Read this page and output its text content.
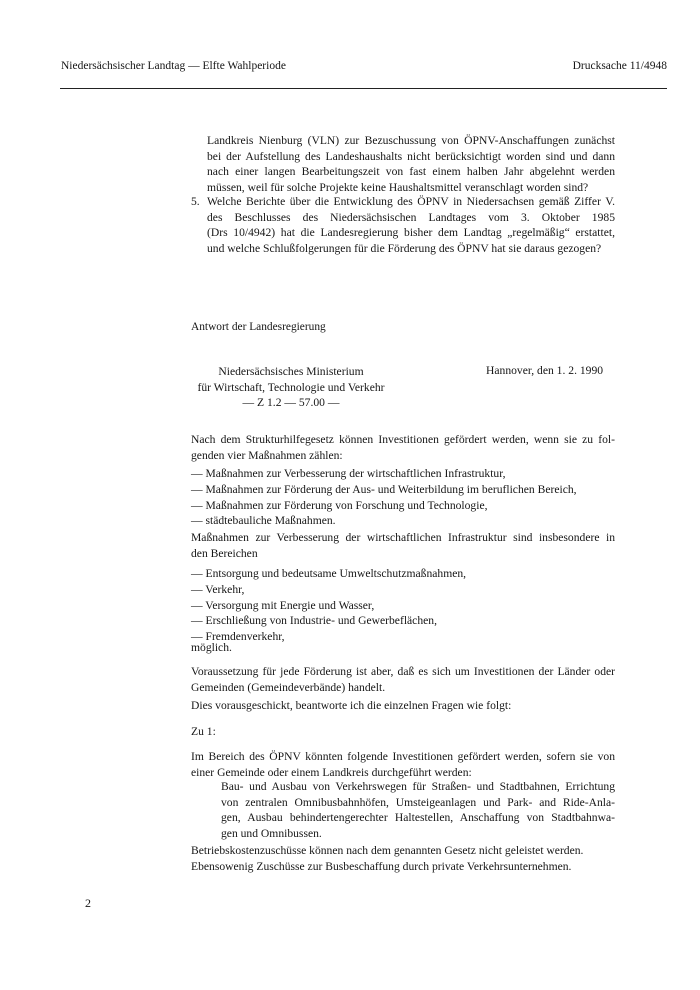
Niedersächsischer Landtag — Elfte Wahlperiode	Drucksache 11/4948
Landkreis Nienburg (VLN) zur Bezuschussung von ÖPNV-Anschaffungen zunächst
bei der Aufstellung des Landeshaushalts nicht berücksichtigt worden sind und dann
nach einer langen Bearbeitungszeit von fast einem halben Jahr abgelehnt werden
müssen, weil für solche Projekte keine Haushaltsmittel veranschlagt worden sind?
5. Welche Berichte über die Entwicklung des ÖPNV in Niedersachsen gemäß Ziffer V.
des Beschlusses des Niedersächsischen Landtages vom 3. Oktober 1985
(Drs 10/4942) hat die Landesregierung bisher dem Landtag „regelmäßig“ erstattet,
und welche Schlußfolgerungen für die Förderung des ÖPNV hat sie daraus gezogen?
Antwort der Landesregierung
Niedersächsisches Ministerium
für Wirtschaft, Technologie und Verkehr
— Z 1.2 — 57.00 —
Hannover, den 1. 2. 1990
Nach dem Strukturhilfegesetz können Investitionen gefördert werden, wenn sie zu fol-
genden vier Maßnahmen zählen:
— Maßnahmen zur Verbesserung der wirtschaftlichen Infrastruktur,
— Maßnahmen zur Förderung der Aus- und Weiterbildung im beruflichen Bereich,
— Maßnahmen zur Förderung von Forschung und Technologie,
— städtebauliche Maßnahmen.
Maßnahmen zur Verbesserung der wirtschaftlichen Infrastruktur sind insbesondere in
den Bereichen
— Entsorgung und bedeutsame Umweltschutzmaßnahmen,
— Verkehr,
— Versorgung mit Energie und Wasser,
— Erschließung von Industrie- und Gewerbeflächen,
— Fremdenverkehr,
möglich.
Voraussetzung für jede Förderung ist aber, daß es sich um Investitionen der Länder oder
Gemeinden (Gemeindeverbände) handelt.
Dies vorausgeschickt, beantworte ich die einzelnen Fragen wie folgt:
Zu 1:
Im Bereich des ÖPNV könnten folgende Investitionen gefördert werden, sofern sie von
einer Gemeinde oder einem Landkreis durchgeführt werden:
Bau- und Ausbau von Verkehrswegen für Straßen- und Stadtbahnen, Errichtung
von zentralen Omnibusbahnhöfen, Umsteigeanlagen und Park- and Ride-Anla-
gen, Ausbau behindertengerechter Haltestellen, Anschaffung von Stadtbahnwa-
gen und Omnibussen.
Betriebskostenzuschüsse können nach dem genannten Gesetz nicht geleistet werden.
Ebensowenig Zuschüsse zur Busbeschaffung durch private Verkehrsunternehmen.
2
